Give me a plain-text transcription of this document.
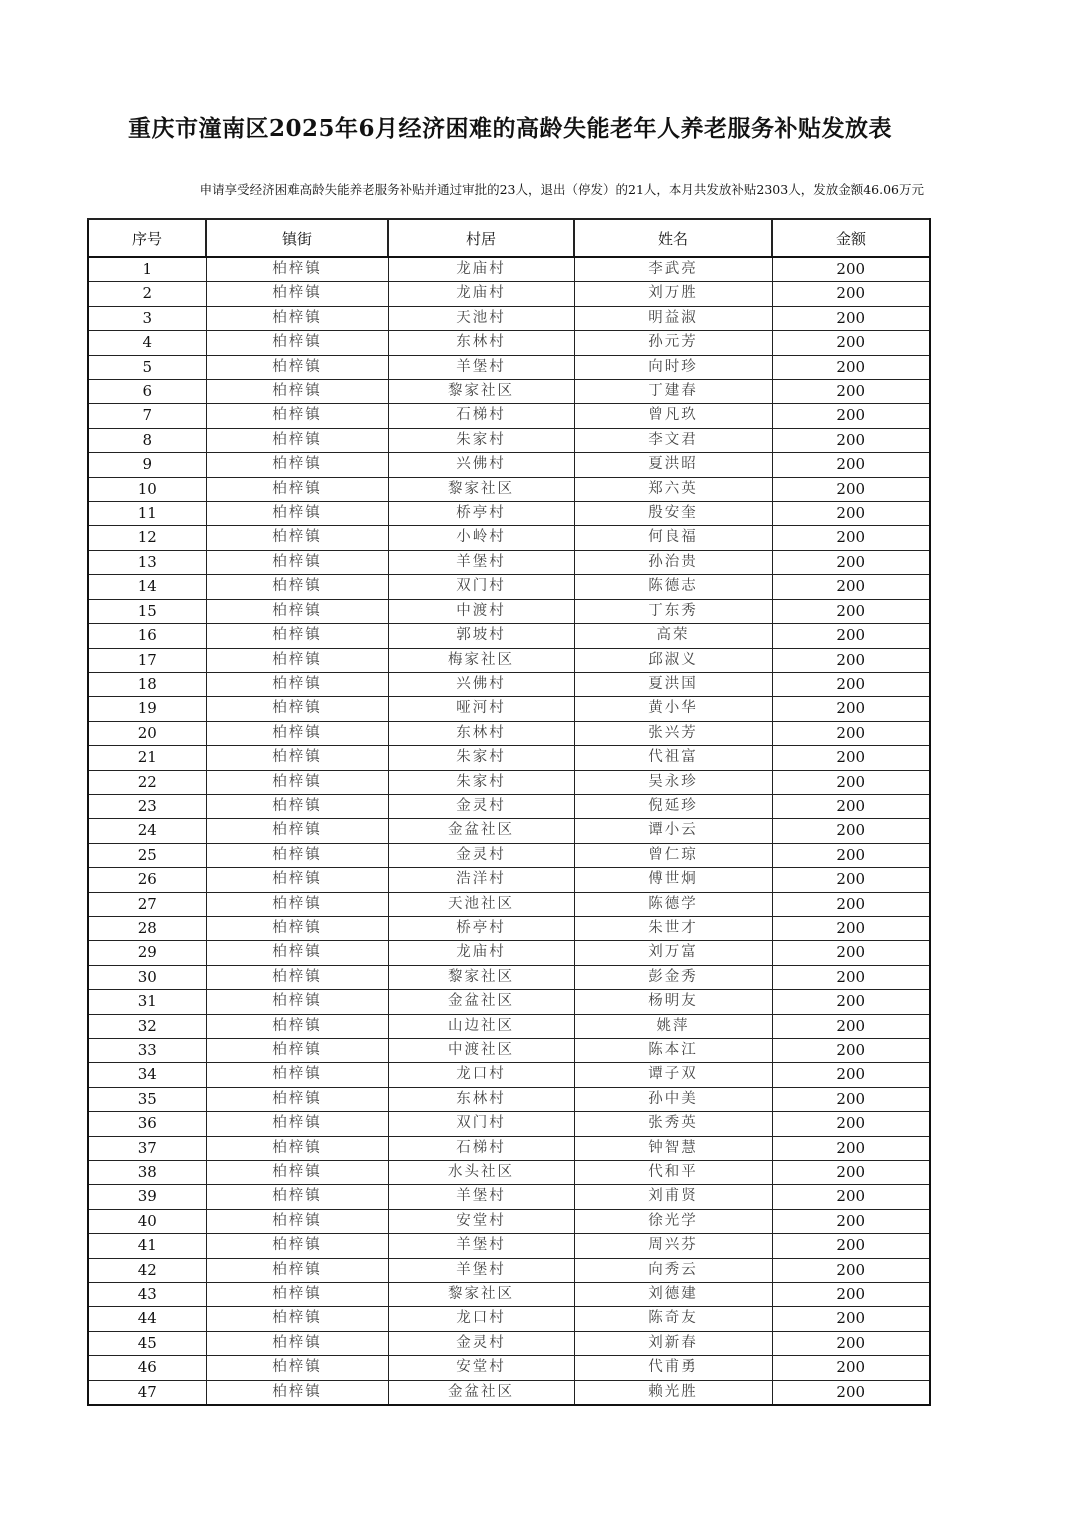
重庆市潼南区2025年6月经济困难的高龄失能老年人养老服务补贴发放表
申请享受经济困难高龄失能养老服务补贴并通过审批的23人，退出（停发）的21人，本月共发放补贴2303人，发放金额46.06万元
序号	镇街	村居	姓名	金额
1	柏梓镇	龙庙村	李武亮	200
2	柏梓镇	龙庙村	刘万胜	200
3	柏梓镇	天池村	明益淑	200
4	柏梓镇	东林村	孙元芳	200
5	柏梓镇	羊堡村	向时珍	200
6	柏梓镇	黎家社区	丁建春	200
7	柏梓镇	石梯村	曾凡玖	200
8	柏梓镇	朱家村	李文君	200
9	柏梓镇	兴佛村	夏洪昭	200
10	柏梓镇	黎家社区	郑六英	200
11	柏梓镇	桥亭村	殷安奎	200
12	柏梓镇	小岭村	何良福	200
13	柏梓镇	羊堡村	孙治贵	200
14	柏梓镇	双门村	陈德志	200
15	柏梓镇	中渡村	丁东秀	200
16	柏梓镇	郭坡村	高荣	200
17	柏梓镇	梅家社区	邱淑义	200
18	柏梓镇	兴佛村	夏洪国	200
19	柏梓镇	哑河村	黄小华	200
20	柏梓镇	东林村	张兴芳	200
21	柏梓镇	朱家村	代祖富	200
22	柏梓镇	朱家村	吴永珍	200
23	柏梓镇	金灵村	倪延珍	200
24	柏梓镇	金盆社区	谭小云	200
25	柏梓镇	金灵村	曾仁琼	200
26	柏梓镇	浩洋村	傅世炯	200
27	柏梓镇	天池社区	陈德学	200
28	柏梓镇	桥亭村	朱世才	200
29	柏梓镇	龙庙村	刘万富	200
30	柏梓镇	黎家社区	彭金秀	200
31	柏梓镇	金盆社区	杨明友	200
32	柏梓镇	山边社区	姚萍	200
33	柏梓镇	中渡社区	陈本江	200
34	柏梓镇	龙口村	谭子双	200
35	柏梓镇	东林村	孙中美	200
36	柏梓镇	双门村	张秀英	200
37	柏梓镇	石梯村	钟智慧	200
38	柏梓镇	水头社区	代和平	200
39	柏梓镇	羊堡村	刘甫贤	200
40	柏梓镇	安堂村	徐光学	200
41	柏梓镇	羊堡村	周兴芬	200
42	柏梓镇	羊堡村	向秀云	200
43	柏梓镇	黎家社区	刘德建	200
44	柏梓镇	龙口村	陈奇友	200
45	柏梓镇	金灵村	刘新春	200
46	柏梓镇	安堂村	代甫勇	200
47	柏梓镇	金盆社区	赖光胜	200
